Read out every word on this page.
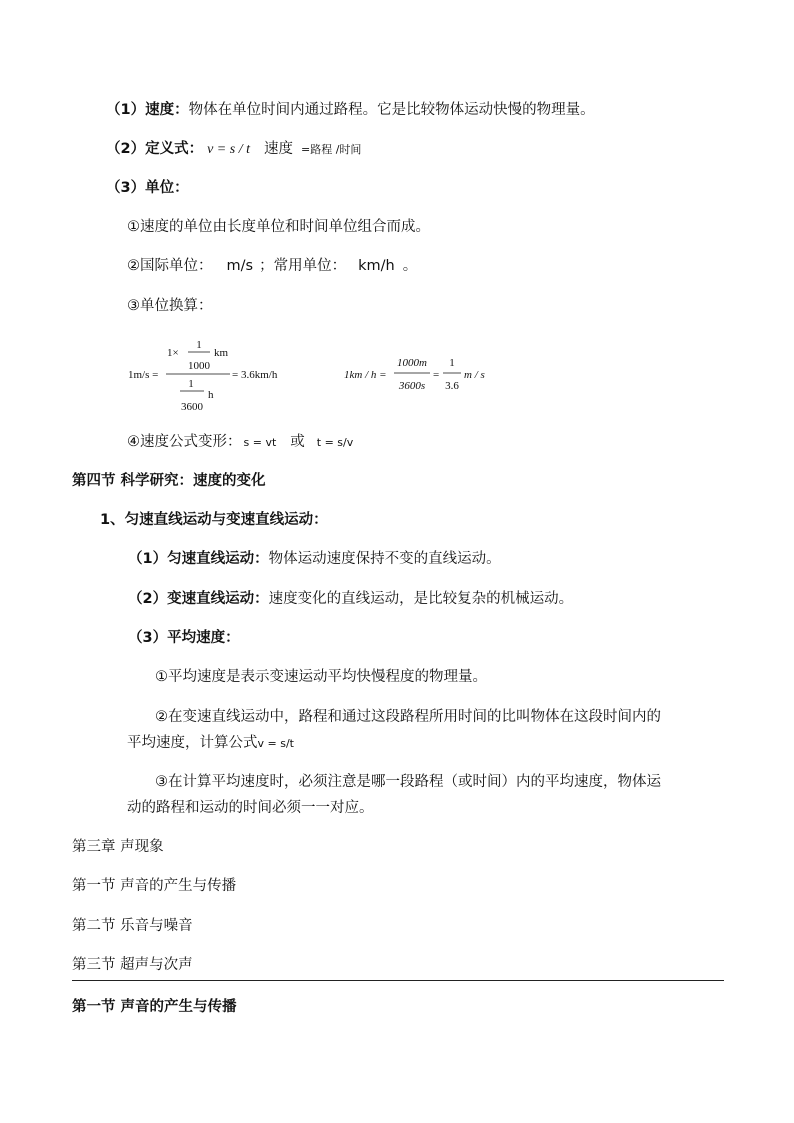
（1）速度：物体在单位时间内通过路程。它是比较物体运动快慢的物理量。
（2）定义式： v = s / t 速度 =路程 /时间
（3）单位：
①速度的单位由长度单位和时间单位组合而成。
②国际单位： m/s ；常用单位： km/h 。
③单位换算：
1m/s =
1×
1
1000
km
1
3600
h
= 3.6km/h	1km / h =
1000m
3600s
=
1
3.6
m / s
④速度公式变形： s = vt 或 t = s/v
第四节 科学研究：速度的变化
1、匀速直线运动与变速直线运动：
（1）匀速直线运动：物体运动速度保持不变的直线运动。
（2）变速直线运动：速度变化的直线运动，是比较复杂的机械运动。
（3）平均速度：
①平均速度是表示变速运动平均快慢程度的物理量。
②在变速直线运动中，路程和通过这段路程所用时间的比叫物体在这段时间内的
平均速度，计算公式v = s/t
③在计算平均速度时，必须注意是哪一段路程（或时间）内的平均速度，物体运
动的路程和运动的时间必须一一对应。
第三章 声现象
第一节 声音的产生与传播
第二节 乐音与噪音
第三节 超声与次声
第一节 声音的产生与传播
